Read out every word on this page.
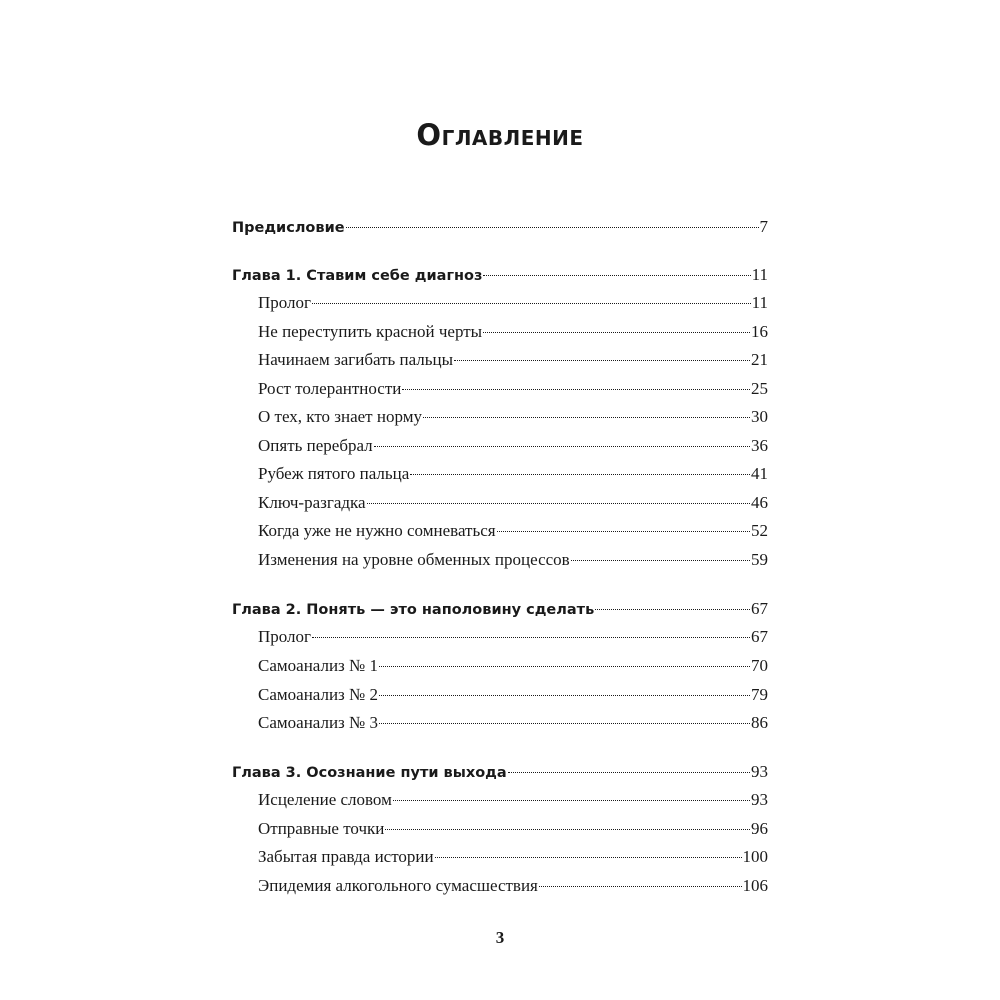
Оглавление
Предисловие	7
Глава 1. Ставим себе диагноз	11
Пролог	11
Не переступить красной черты	16
Начинаем загибать пальцы	21
Рост толерантности	25
О тех, кто знает норму	30
Опять перебрал	36
Рубеж пятого пальца	41
Ключ-разгадка	46
Когда уже не нужно сомневаться	52
Изменения на уровне обменных процессов	59
Глава 2. Понять — это наполовину сделать	67
Пролог	67
Самоанализ № 1	70
Самоанализ № 2	79
Самоанализ № 3	86
Глава 3. Осознание пути выхода	93
Исцеление словом	93
Отправные точки	96
Забытая правда истории	100
Эпидемия алкогольного сумасшествия	106
3
